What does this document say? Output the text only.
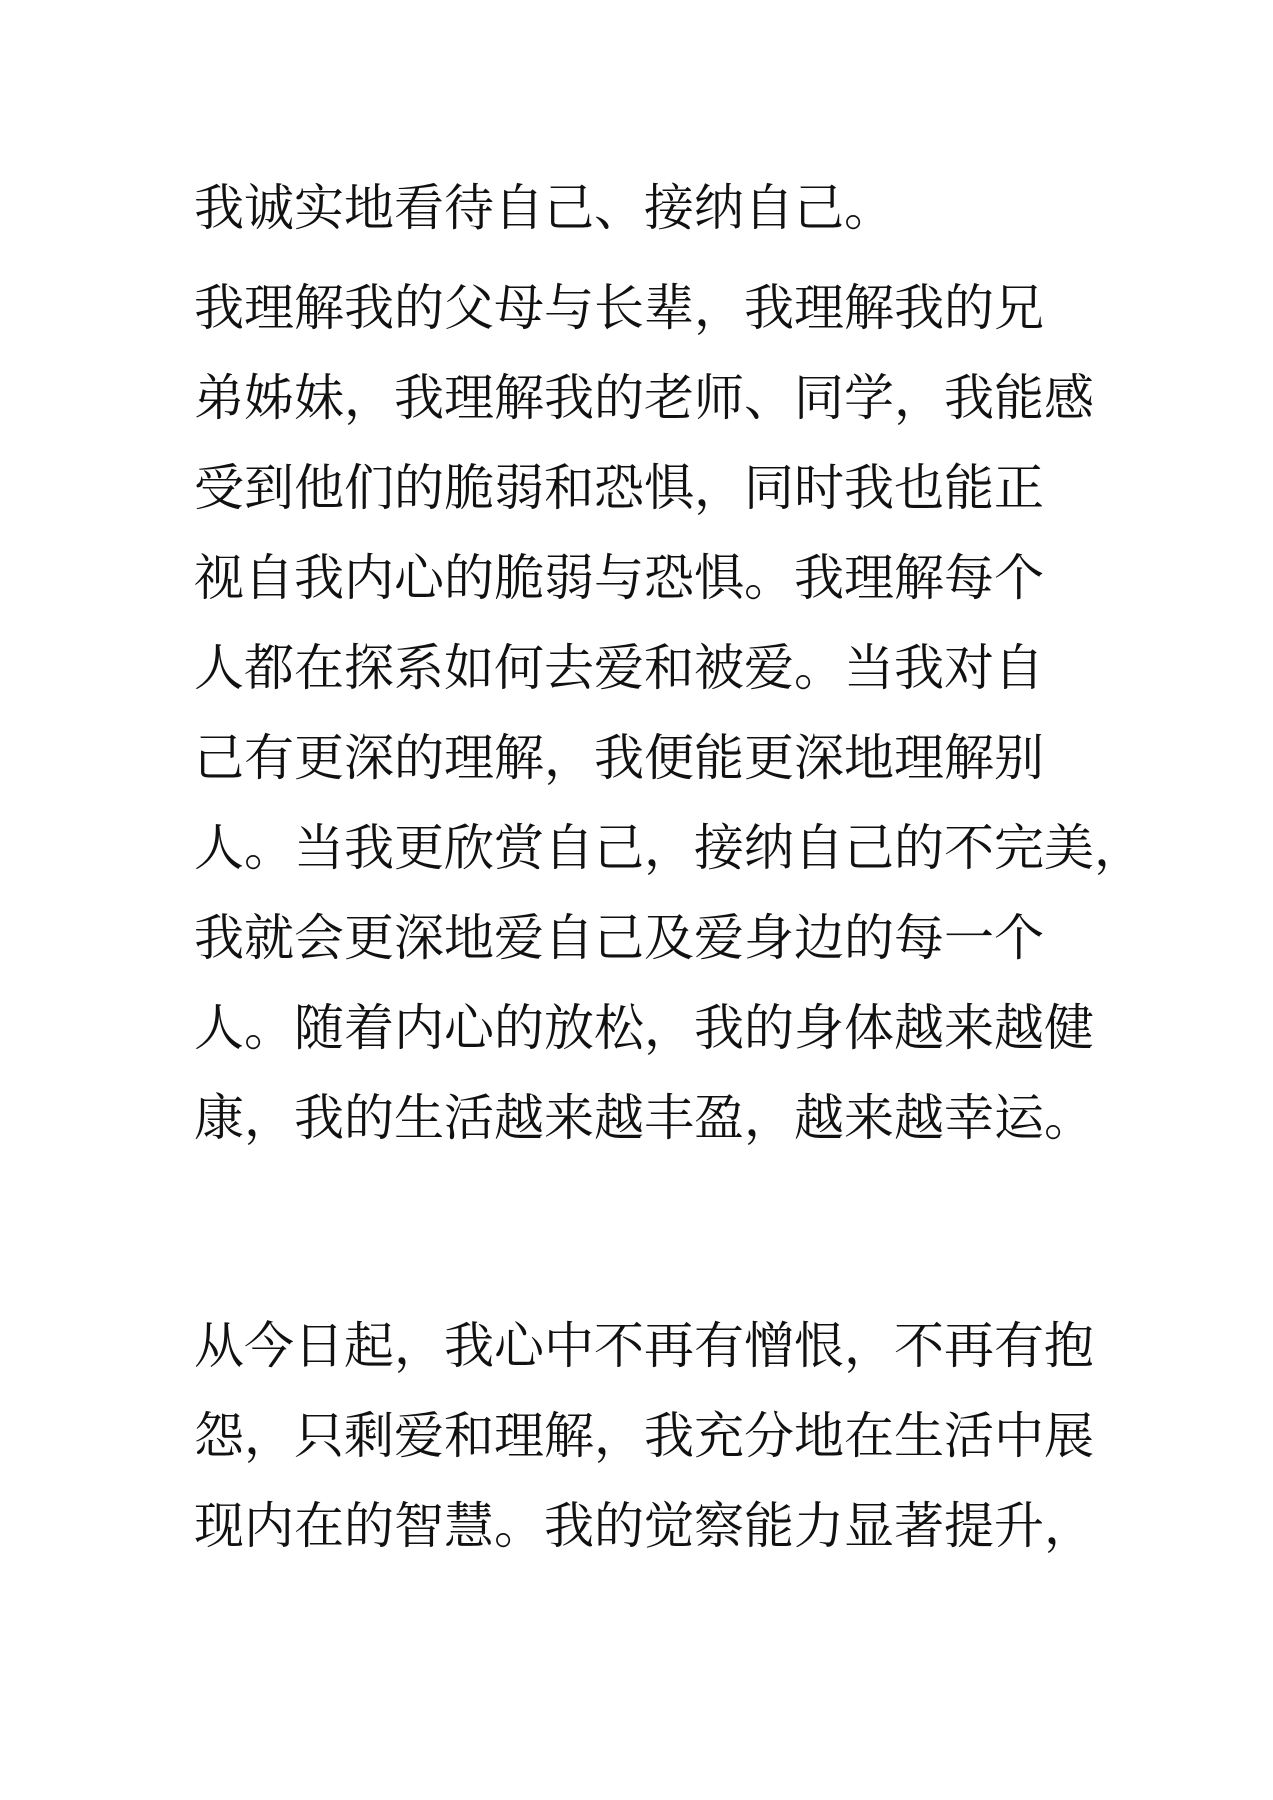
我诚实地看待自己、接纳自己。
我理解我的父母与长辈，我理解我的兄
弟姊妹，我理解我的老师、同学，我能感
受到他们的脆弱和恐惧，同时我也能正
视自我内心的脆弱与恐惧。我理解每个
人都在探系如何去爱和被爱。当我对自
己有更深的理解，我便能更深地理解别
人。当我更欣赏自己，接纳自己的不完美，
我就会更深地爱自己及爱身边的每一个
人。随着内心的放松，我的身体越来越健
康，我的生活越来越丰盈，越来越幸运。
从今日起，我心中不再有憎恨，不再有抱
怨，只剩爱和理解，我充分地在生活中展
现内在的智慧。我的觉察能力显著提升，
